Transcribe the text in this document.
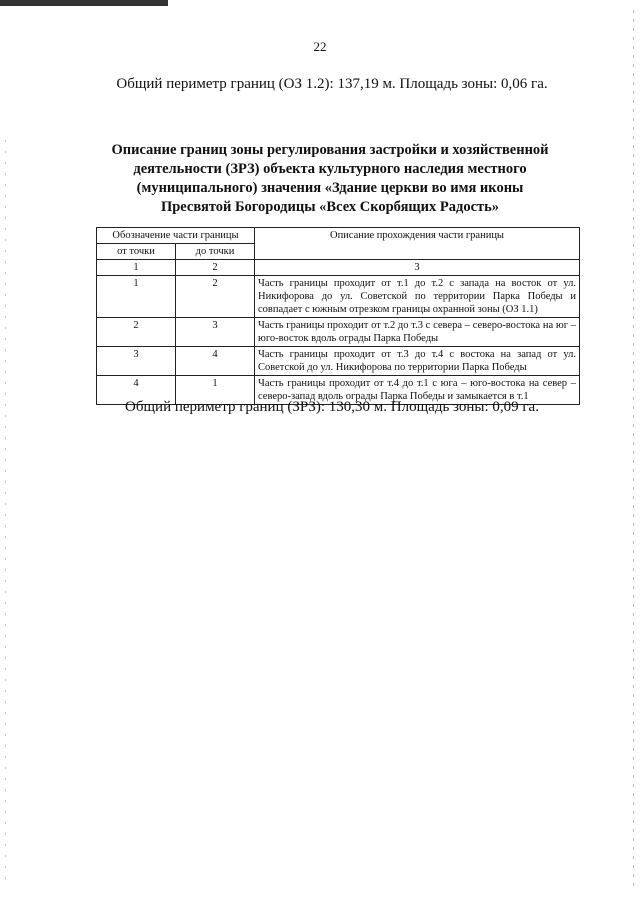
22
Общий периметр границ (ОЗ 1.2): 137,19 м. Площадь зоны: 0,06 га.
Описание границ зоны регулирования застройки и хозяйственной деятельности (ЗРЗ) объекта культурного наследия местного (муниципального) значения «Здание церкви во имя иконы Пресвятой Богородицы «Всех Скорбящих Радость»
Обозначение части границы		Описание прохождения части границы
от точки	до точки	
1	2	3
1	2	Часть границы проходит от т.1 до т.2 с запада на восток от ул. Никифорова до ул. Советской по территории Парка Победы и совпадает с южным отрезком границы охранной зоны (ОЗ 1.1)
2	3	Часть границы проходит от т.2 до т.3 с севера – северо-востока на юг – юго-восток вдоль ограды Парка Победы
3	4	Часть границы проходит от т.3 до т.4 с востока на запад от ул. Советской до ул. Никифорова по территории Парка Победы
4	1	Часть границы проходит от т.4 до т.1 с юга – юго-востока на север – северо-запад вдоль ограды Парка Победы и замыкается в т.1
Общий периметр границ (ЗРЗ): 130,30 м. Площадь зоны: 0,09 га.
